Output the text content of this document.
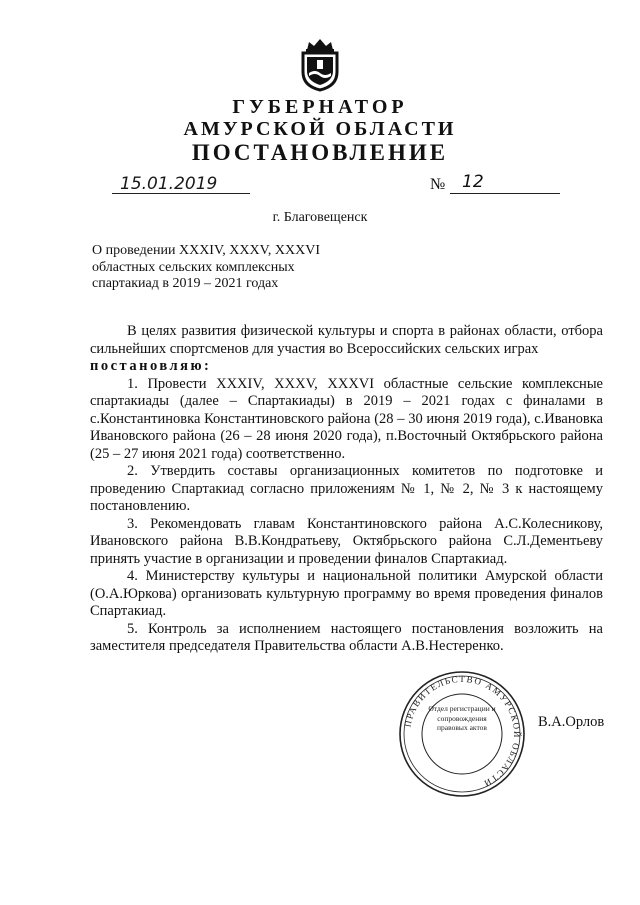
ГУБЕРНАТОР
АМУРСКОЙ ОБЛАСТИ
ПОСТАНОВЛЕНИЕ
15.01.2019	№ 12
г. Благовещенск
О проведении XXXIV, XXXV, XXXVI областных сельских комплексных спартакиад в 2019 – 2021 годах

В целях развития физической культуры и спорта в районах области, отбора сильнейших спортсменов для участия во Всероссийских сельских играх

постановляю:

1. Провести XXXIV, XXXV, XXXVI областные сельские комплексные спартакиады (далее – Спартакиады) в 2019 – 2021 годах с финалами в с.Константиновка Константиновского района (28 – 30 июня 2019 года), с.Ивановка Ивановского района (26 – 28 июня 2020 года), п.Восточный Октябрьского района (25 – 27 июня 2021 года) соответственно.

2. Утвердить составы организационных комитетов по подготовке и проведению Спартакиад согласно приложениям № 1, № 2, № 3 к настоящему постановлению.

3. Рекомендовать главам Константиновского района А.С.Колесникову, Ивановского района В.В.Кондратьеву, Октябрьского района С.Л.Дементьеву принять участие в организации и проведении финалов Спартакиад.

4. Министерству культуры и национальной политики Амурской области (О.А.Юркова) организовать культурную программу во время проведения финалов Спартакиад.

5. Контроль за исполнением настоящего постановления возложить на заместителя председателя Правительства области А.В.Нестеренко.

ПРАВИТЕЛЬСТВО АМУРСКОЙ ОБЛАСТИ
Отдел регистрации и сопровождения правовых актов	В.А.Орлов
